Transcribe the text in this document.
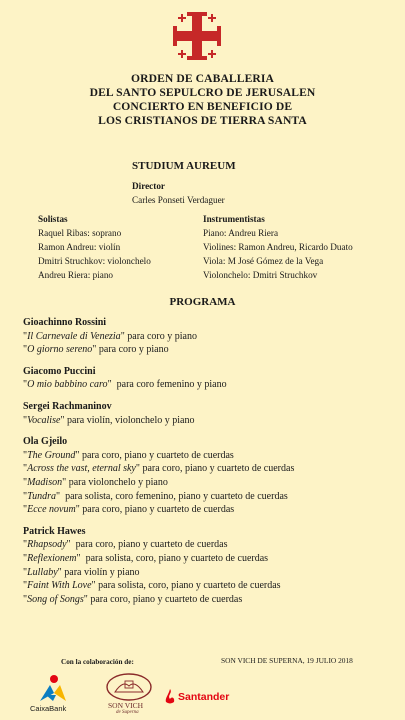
ORDEN DE CABALLERIA
DEL SANTO SEPULCRO DE JERUSALEN
CONCIERTO EN BENEFICIO DE
LOS CRISTIANOS DE TIERRA SANTA
STUDIUM AUREUM
Director
Carles Ponseti Verdaguer
Solistas
Raquel Ribas: soprano
Ramon Andreu: violín
Dmitri Struchkov: violonchelo
Andreu Riera: piano
Instrumentistas
Piano: Andreu Riera
Violines: Ramon Andreu, Ricardo Duato
Viola: M José Gómez de la Vega
Violonchelo: Dmitri Struchkov
PROGRAMA
Gioachinno Rossini
"Il Carnevale di Venezia" para coro y piano
"O giorno sereno" para coro y piano
Giacomo Puccini
"O mio babbino caro"  para coro femenino y piano
Sergei Rachmaninov
"Vocalise" para violín, violonchelo y piano
Ola Gjeilo
"The Ground" para coro, piano y cuarteto de cuerdas
"Across the vast, eternal sky" para coro, piano y cuarteto de cuerdas
"Madison" para violonchelo y piano
"Tundra"  para solista, coro femenino, piano y cuarteto de cuerdas
"Ecce novum" para coro, piano y cuarteto de cuerdas
Patrick Hawes
"Rhapsody"  para coro, piano y cuarteto de cuerdas
"Reflexionem"  para solista, coro, piano y cuarteto de cuerdas
"Lullaby" para violín y piano
"Faint With Love" para solista, coro, piano y cuarteto de cuerdas
"Song of Songs" para coro, piano y cuarteto de cuerdas
Con la colaboración de:	SON VICH DE SUPERNA, 19 JULIO 2018
CaixaBank	SON VICH
de Superna
Santander
